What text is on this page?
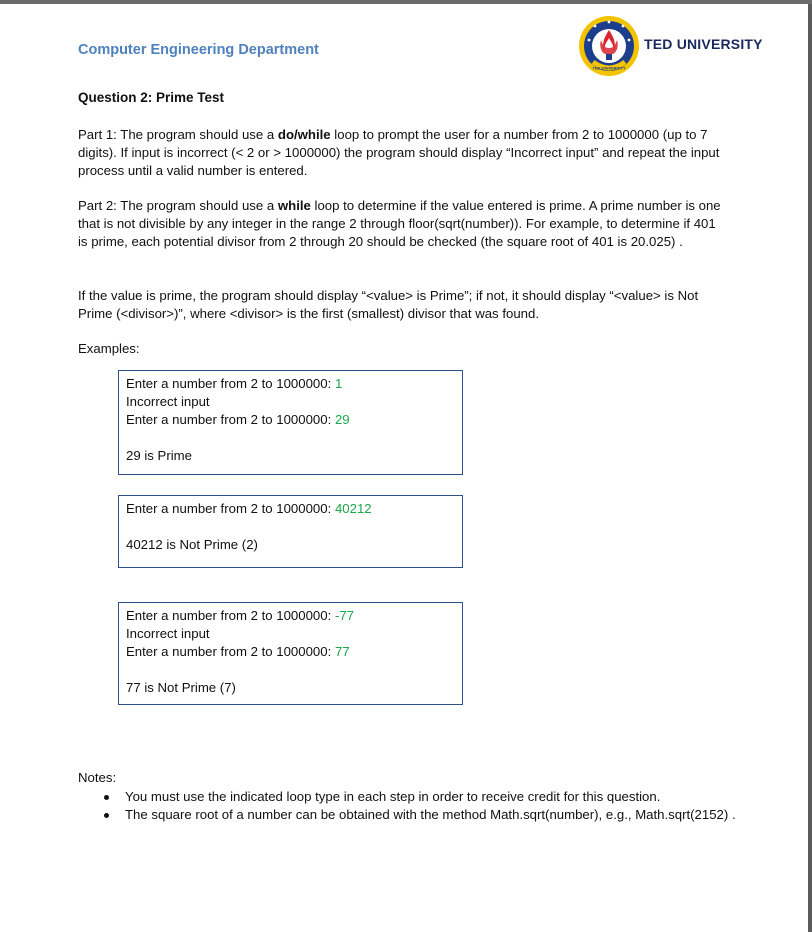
Computer Engineering Department
TED UNIVERSITY
TED UNIVERSITY
Question 2: Prime Test
Part 1: The program should use a do/while loop to prompt the user for a number from 2 to 1000000 (up to 7 digits). If input is incorrect (< 2 or > 1000000) the program should display “Incorrect input” and repeat the input process until a valid number is entered.
Part 2: The program should use a while loop to determine if the value entered is prime. A prime number is one that is not divisible by any integer in the range 2 through floor(sqrt(number)). For example, to determine if 401 is prime, each potential divisor from 2 through 20 should be checked (the square root of 401 is 20.025) .
If the value is prime, the program should display “<value> is Prime”; if not, it should display “<value> is Not Prime (<divisor>)”, where <divisor> is the first (smallest) divisor that was found.
Examples:
Enter a number from 2 to 1000000: 1
Incorrect input
Enter a number from 2 to 1000000: 29
29 is Prime
Enter a number from 2 to 1000000: 40212
40212 is Not Prime (2)
Enter a number from 2 to 1000000: -77
Incorrect input
Enter a number from 2 to 1000000: 77
77 is Not Prime (7)
Notes:
You must use the indicated loop type in each step in order to receive credit for this question.
The square root of a number can be obtained with the method Math.sqrt(number), e.g., Math.sqrt(2152) .
